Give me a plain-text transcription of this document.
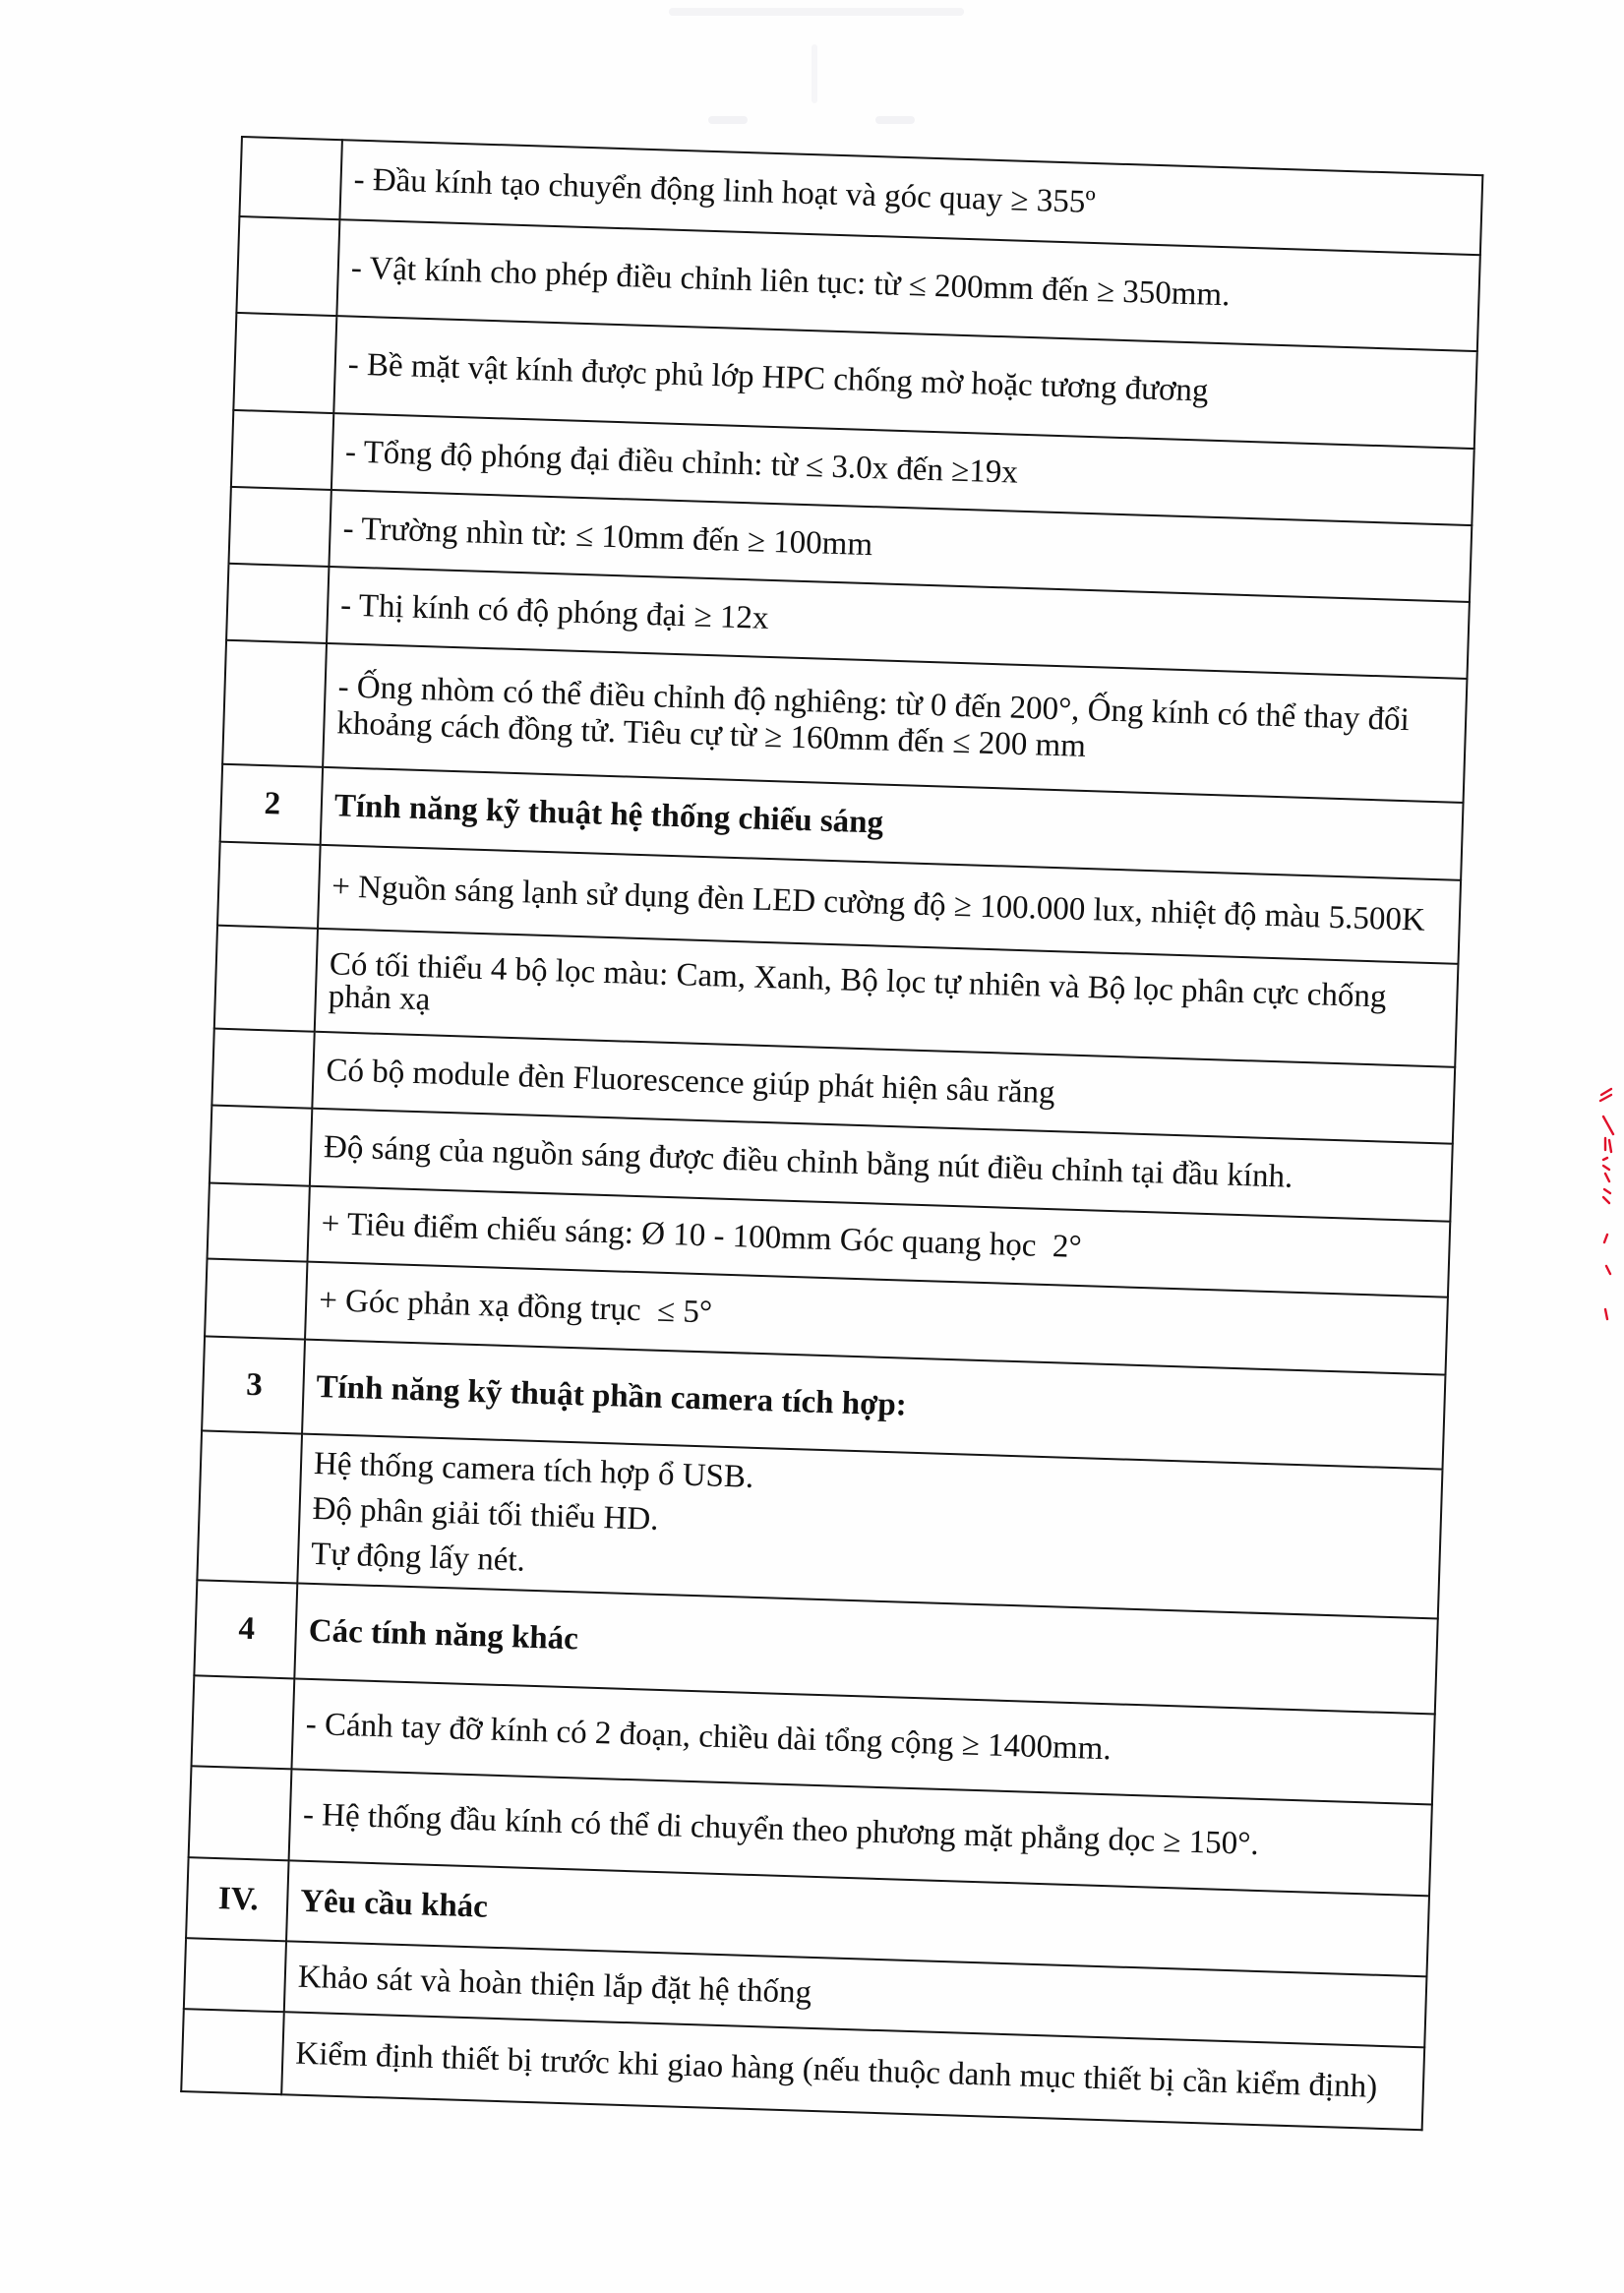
	- Đầu kính tạo chuyển động linh hoạt và góc quay ≥ 355º
	- Vật kính cho phép điều chỉnh liên tục: từ ≤ 200mm đến ≥ 350mm.
	- Bề mặt vật kính được phủ lớp HPC chống mờ hoặc tương đương
	- Tổng độ phóng đại điều chỉnh: từ ≤ 3.0x đến ≥19x
	- Trường nhìn từ: ≤ 10mm đến ≥ 100mm
	- Thị kính có độ phóng đại ≥ 12x
	- Ống nhòm có thể điều chỉnh độ nghiêng: từ 0 đến 200°, Ống kính có thể thay đổi khoảng cách đồng tử. Tiêu cự từ ≥ 160mm đến ≤ 200 mm
2	Tính năng kỹ thuật hệ thống chiếu sáng
	+ Nguồn sáng lạnh sử dụng đèn LED cường độ ≥ 100.000 lux, nhiệt độ màu 5.500K
	Có tối thiểu 4 bộ lọc màu: Cam, Xanh, Bộ lọc tự nhiên và Bộ lọc phân cực chống phản xạ
	Có bộ module đèn Fluorescence giúp phát hiện sâu răng
	Độ sáng của nguồn sáng được điều chỉnh bằng nút điều chỉnh tại đầu kính.
	+ Tiêu điểm chiếu sáng: Ø 10 - 100mm Góc quang học  2°
	+ Góc phản xạ đồng trục  ≤ 5°
3	Tính năng kỹ thuật phần camera tích hợp:

	Hệ thống camera tích hợp ổ USB.
Độ phân giải tối thiểu HD.
Tự động lấy nét.

4	Các tính năng khác
	- Cánh tay đỡ kính có 2 đoạn, chiều dài tổng cộng ≥ 1400mm.
	- Hệ thống đầu kính có thể di chuyển theo phương mặt phẳng dọc ≥ 150°.
IV.	Yêu cầu khác
	Khảo sát và hoàn thiện lắp đặt hệ thống
	Kiểm định thiết bị trước khi giao hàng (nếu thuộc danh mục thiết bị cần kiểm định)
